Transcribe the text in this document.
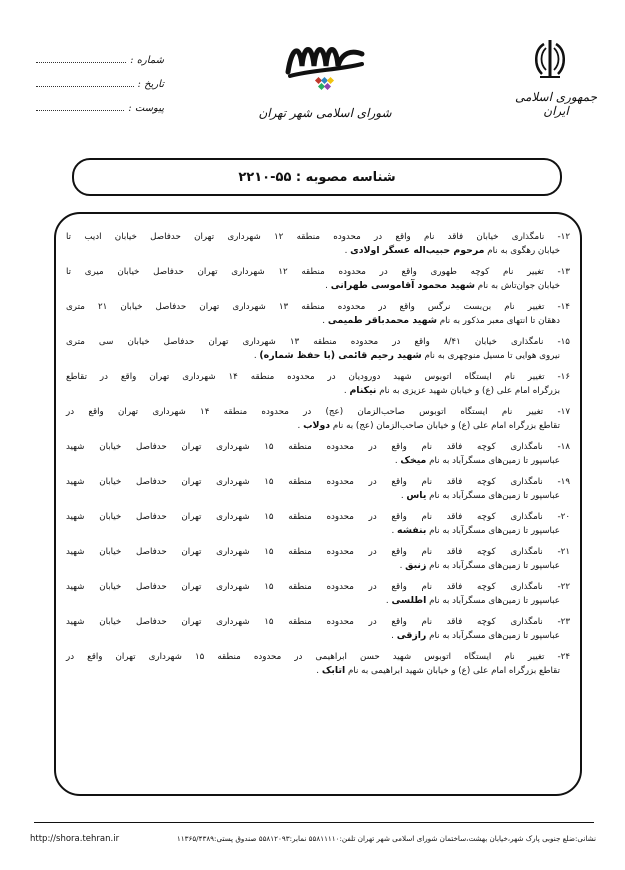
جمهوری اسلامی ایران
شورای اسلامی شهر تهران
شماره :
تاریخ :
پیوست :
شناسه مصوبه : ۵۵-۲۲۱۰
۱۲- نامگذاری خیابان فاقد نام واقع در محدوده منطقه ۱۲ شهرداری تهران حدفاصل خیابان ادیب تا
خیابان رهگوی به نام مرحوم حبیب‌اله عسگر اولادی .
۱۳- تغییر نام کوچه طهوری واقع در محدوده منطقه ۱۲ شهرداری تهران حدفاصل خیابان میری تا
خیابان جوان‌تاش به نام شهید محمود آقاموسی طهرانی .
۱۴- تغییر نام بن‌بست نرگس واقع در محدوده منطقه ۱۳ شهرداری تهران حدفاصل خیابان ۲۱ متری
دهقان تا انتهای معبر مذکور به نام شهید محمدباقر طمیمی .
۱۵- نامگذاری خیابان ۸/۴۱ واقع در محدوده منطقه ۱۳ شهرداری تهران حدفاصل خیابان سی متری
نیروی هوایی تا مسیل منوچهری به نام شهید رحیم قائمی (با حفظ شماره) .
۱۶- تغییر نام ایستگاه اتوبوس شهید دورودیان در محدوده منطقه ۱۴ شهرداری تهران واقع در تقاطع
بزرگراه امام علی (ع) و خیابان شهید عزیزی به نام نیکنام .
۱۷- تغییر نام ایستگاه اتوبوس صاحب‌الزمان (عج) در محدوده منطقه ۱۴ شهرداری تهران واقع در
تقاطع بزرگراه امام علی (ع) و خیابان صاحب‌الزمان (عج) به نام دولاب .
۱۸- نامگذاری کوچه فاقد نام واقع در محدوده منطقه ۱۵ شهرداری تهران حدفاصل خیابان شهید
عباسپور تا زمین‌های مسگرآباد به نام میخک .
۱۹- نامگذاری کوچه فاقد نام واقع در محدوده منطقه ۱۵ شهرداری تهران حدفاصل خیابان شهید
عباسپور تا زمین‌های مسگرآباد به نام یاس .
۲۰- نامگذاری کوچه فاقد نام واقع در محدوده منطقه ۱۵ شهرداری تهران حدفاصل خیابان شهید
عباسپور تا زمین‌های مسگرآباد به نام بنفشه .
۲۱- نامگذاری کوچه فاقد نام واقع در محدوده منطقه ۱۵ شهرداری تهران حدفاصل خیابان شهید
عباسپور تا زمین‌های مسگرآباد به نام زنبق .
۲۲- نامگذاری کوچه فاقد نام واقع در محدوده منطقه ۱۵ شهرداری تهران حدفاصل خیابان شهید
عباسپور تا زمین‌های مسگرآباد به نام اطلسی .
۲۳- نامگذاری کوچه فاقد نام واقع در محدوده منطقه ۱۵ شهرداری تهران حدفاصل خیابان شهید
عباسپور تا زمین‌های مسگرآباد به نام رازقی .
۲۴- تغییر نام ایستگاه اتوبوس شهید حسن ابراهیمی در محدوده منطقه ۱۵ شهرداری تهران واقع در
تقاطع بزرگراه امام علی (ع) و خیابان شهید ابراهیمی به نام اتابک .
نشانی:ضلع جنوبی پارک شهر،خیابان بهشت،ساختمان شورای اسلامی شهر تهران تلفن:۵۵۸۱۱۱۱۰ نمابر:۵۵۸۱۲۰۹۳ صندوق پستی:۱۱۳۶۵/۴۳۸۹
http://shora.tehran.ir
